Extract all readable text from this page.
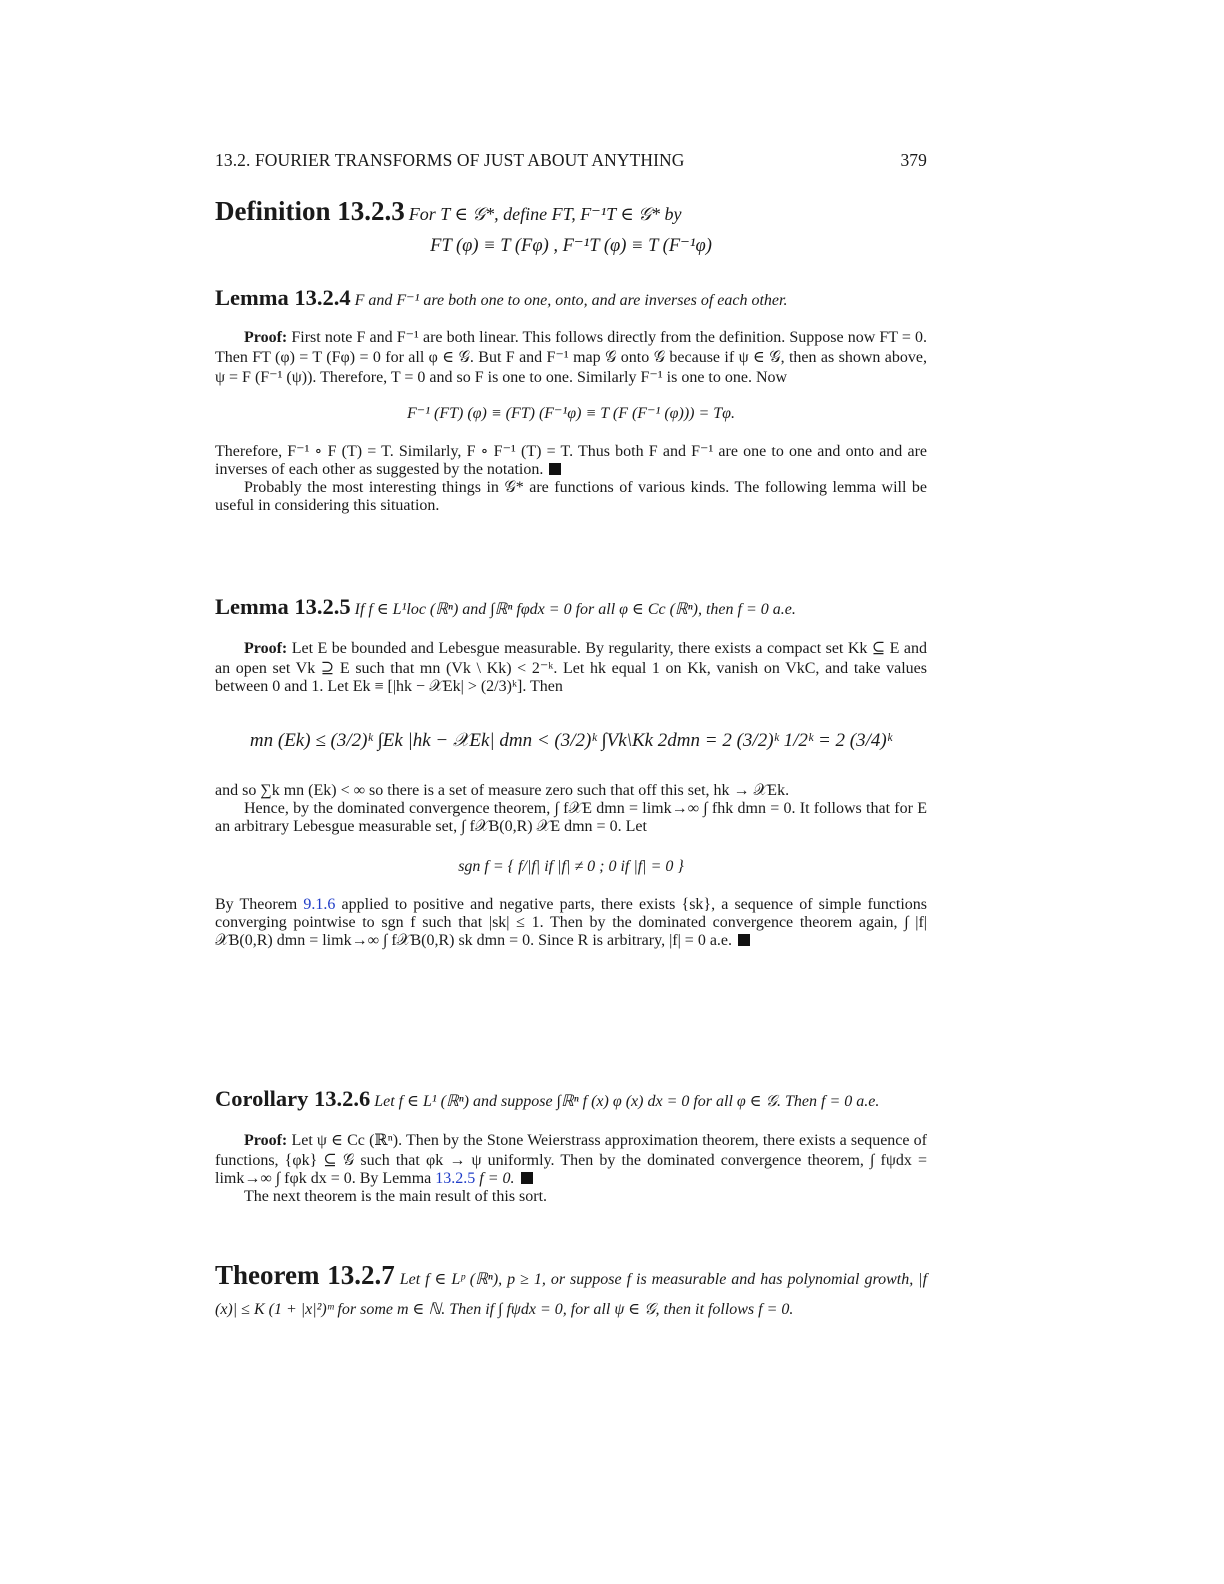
13.2. FOURIER TRANSFORMS OF JUST ABOUT ANYTHING	379

Definition 13.2.3 For T ∈ 𝒢*, define FT, F⁻¹T ∈ 𝒢* by

FT (φ) ≡ T (Fφ) , F⁻¹T (φ) ≡ T (F⁻¹φ)

Lemma 13.2.4 F and F⁻¹ are both one to one, onto, and are inverses of each other.

Proof: First note F and F⁻¹ are both linear. This follows directly from the definition. Suppose now FT = 0. Then FT (φ) = T (Fφ) = 0 for all φ ∈ 𝒢. But F and F⁻¹ map 𝒢 onto 𝒢 because if ψ ∈ 𝒢, then as shown above, ψ = F (F⁻¹ (ψ)). Therefore, T = 0 and so F is one to one. Similarly F⁻¹ is one to one. Now

F⁻¹ (FT) (φ) ≡ (FT) (F⁻¹φ) ≡ T (F (F⁻¹ (φ))) = Tφ.

Therefore, F⁻¹ ∘ F (T) = T. Similarly, F ∘ F⁻¹ (T) = T. Thus both F and F⁻¹ are one to one and onto and are inverses of each other as suggested by the notation.

Probably the most interesting things in 𝒢* are functions of various kinds. The following lemma will be useful in considering this situation.

Lemma 13.2.5 If f ∈ L¹loc (ℝⁿ) and ∫ℝⁿ fφdx = 0 for all φ ∈ Cc (ℝⁿ), then f = 0 a.e.

Proof: Let E be bounded and Lebesgue measurable. By regularity, there exists a compact set Kk ⊆ E and an open set Vk ⊇ E such that mn (Vk \ Kk) < 2⁻ᵏ. Let hk equal 1 on Kk, vanish on VkC, and take values between 0 and 1. Let Ek ≡ [|hk − 𝒳Ek| > (2/3)ᵏ]. Then

mn (Ek) ≤ (3/2)ᵏ ∫Ek |hk − 𝒳Ek| dmn < (3/2)ᵏ ∫Vk\Kk 2dmn = 2 (3/2)ᵏ 1/2ᵏ = 2 (3/4)ᵏ

and so ∑k mn (Ek) < ∞ so there is a set of measure zero such that off this set, hk → 𝒳Ek.

Hence, by the dominated convergence theorem, ∫ f𝒳E dmn = limk→∞ ∫ fhk dmn = 0. It follows that for E an arbitrary Lebesgue measurable set, ∫ f𝒳B(0,R) 𝒳E dmn = 0. Let

sgn f = { f/|f| if |f| ≠ 0 ; 0 if |f| = 0 }

By Theorem 9.1.6 applied to positive and negative parts, there exists {sk}, a sequence of simple functions converging pointwise to sgn f such that |sk| ≤ 1. Then by the dominated convergence theorem again, ∫ |f| 𝒳B(0,R) dmn = limk→∞ ∫ f𝒳B(0,R) sk dmn = 0. Since R is arbitrary, |f| = 0 a.e.

Corollary 13.2.6 Let f ∈ L¹ (ℝⁿ) and suppose ∫ℝⁿ f (x) φ (x) dx = 0 for all φ ∈ 𝒢. Then f = 0 a.e.

Proof: Let ψ ∈ Cc (ℝⁿ). Then by the Stone Weierstrass approximation theorem, there exists a sequence of functions, {φk} ⊆ 𝒢 such that φk → ψ uniformly. Then by the dominated convergence theorem, ∫ fψdx = limk→∞ ∫ fφk dx = 0. By Lemma 13.2.5 f = 0.

The next theorem is the main result of this sort.

Theorem 13.2.7 Let f ∈ Lᵖ (ℝⁿ), p ≥ 1, or suppose f is measurable and has polynomial growth, |f (x)| ≤ K (1 + |x|²)ᵐ for some m ∈ ℕ. Then if ∫ fψdx = 0, for all ψ ∈ 𝒢, then it follows f = 0.
